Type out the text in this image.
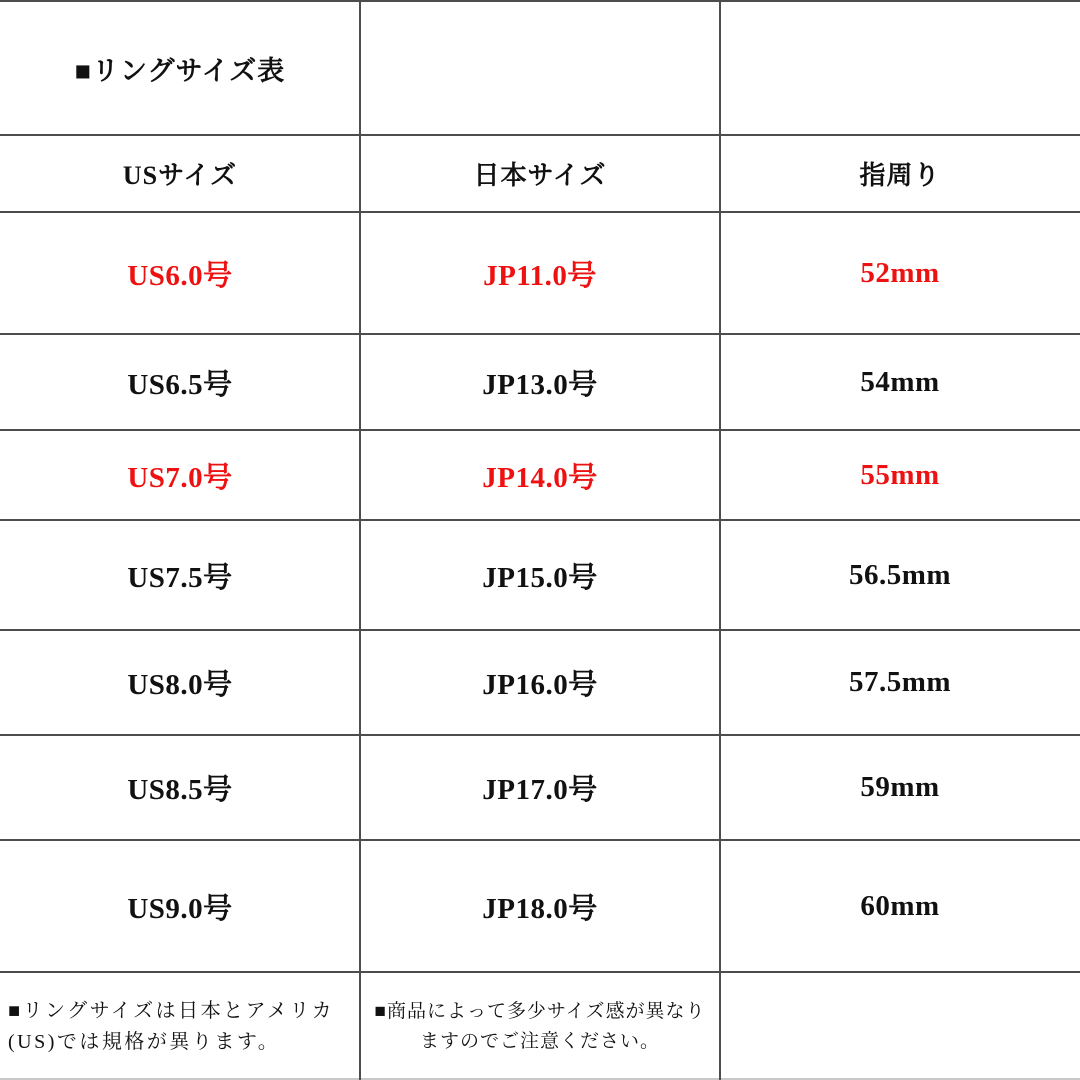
■リングサイズ表
USサイズ	日本サイズ	指周り
US6.0号	JP11.0号	52mm
US6.5号	JP13.0号	54mm
US7.0号	JP14.0号	55mm
US7.5号	JP15.0号	56.5mm
US8.0号	JP16.0号	57.5mm
US8.5号	JP17.0号	59mm
US9.0号	JP18.0号	60mm
■リングサイズは日本とアメリカ
(US)では規格が異ります。
■商品によって多少サイズ感が異なり
ますのでご注意ください。
